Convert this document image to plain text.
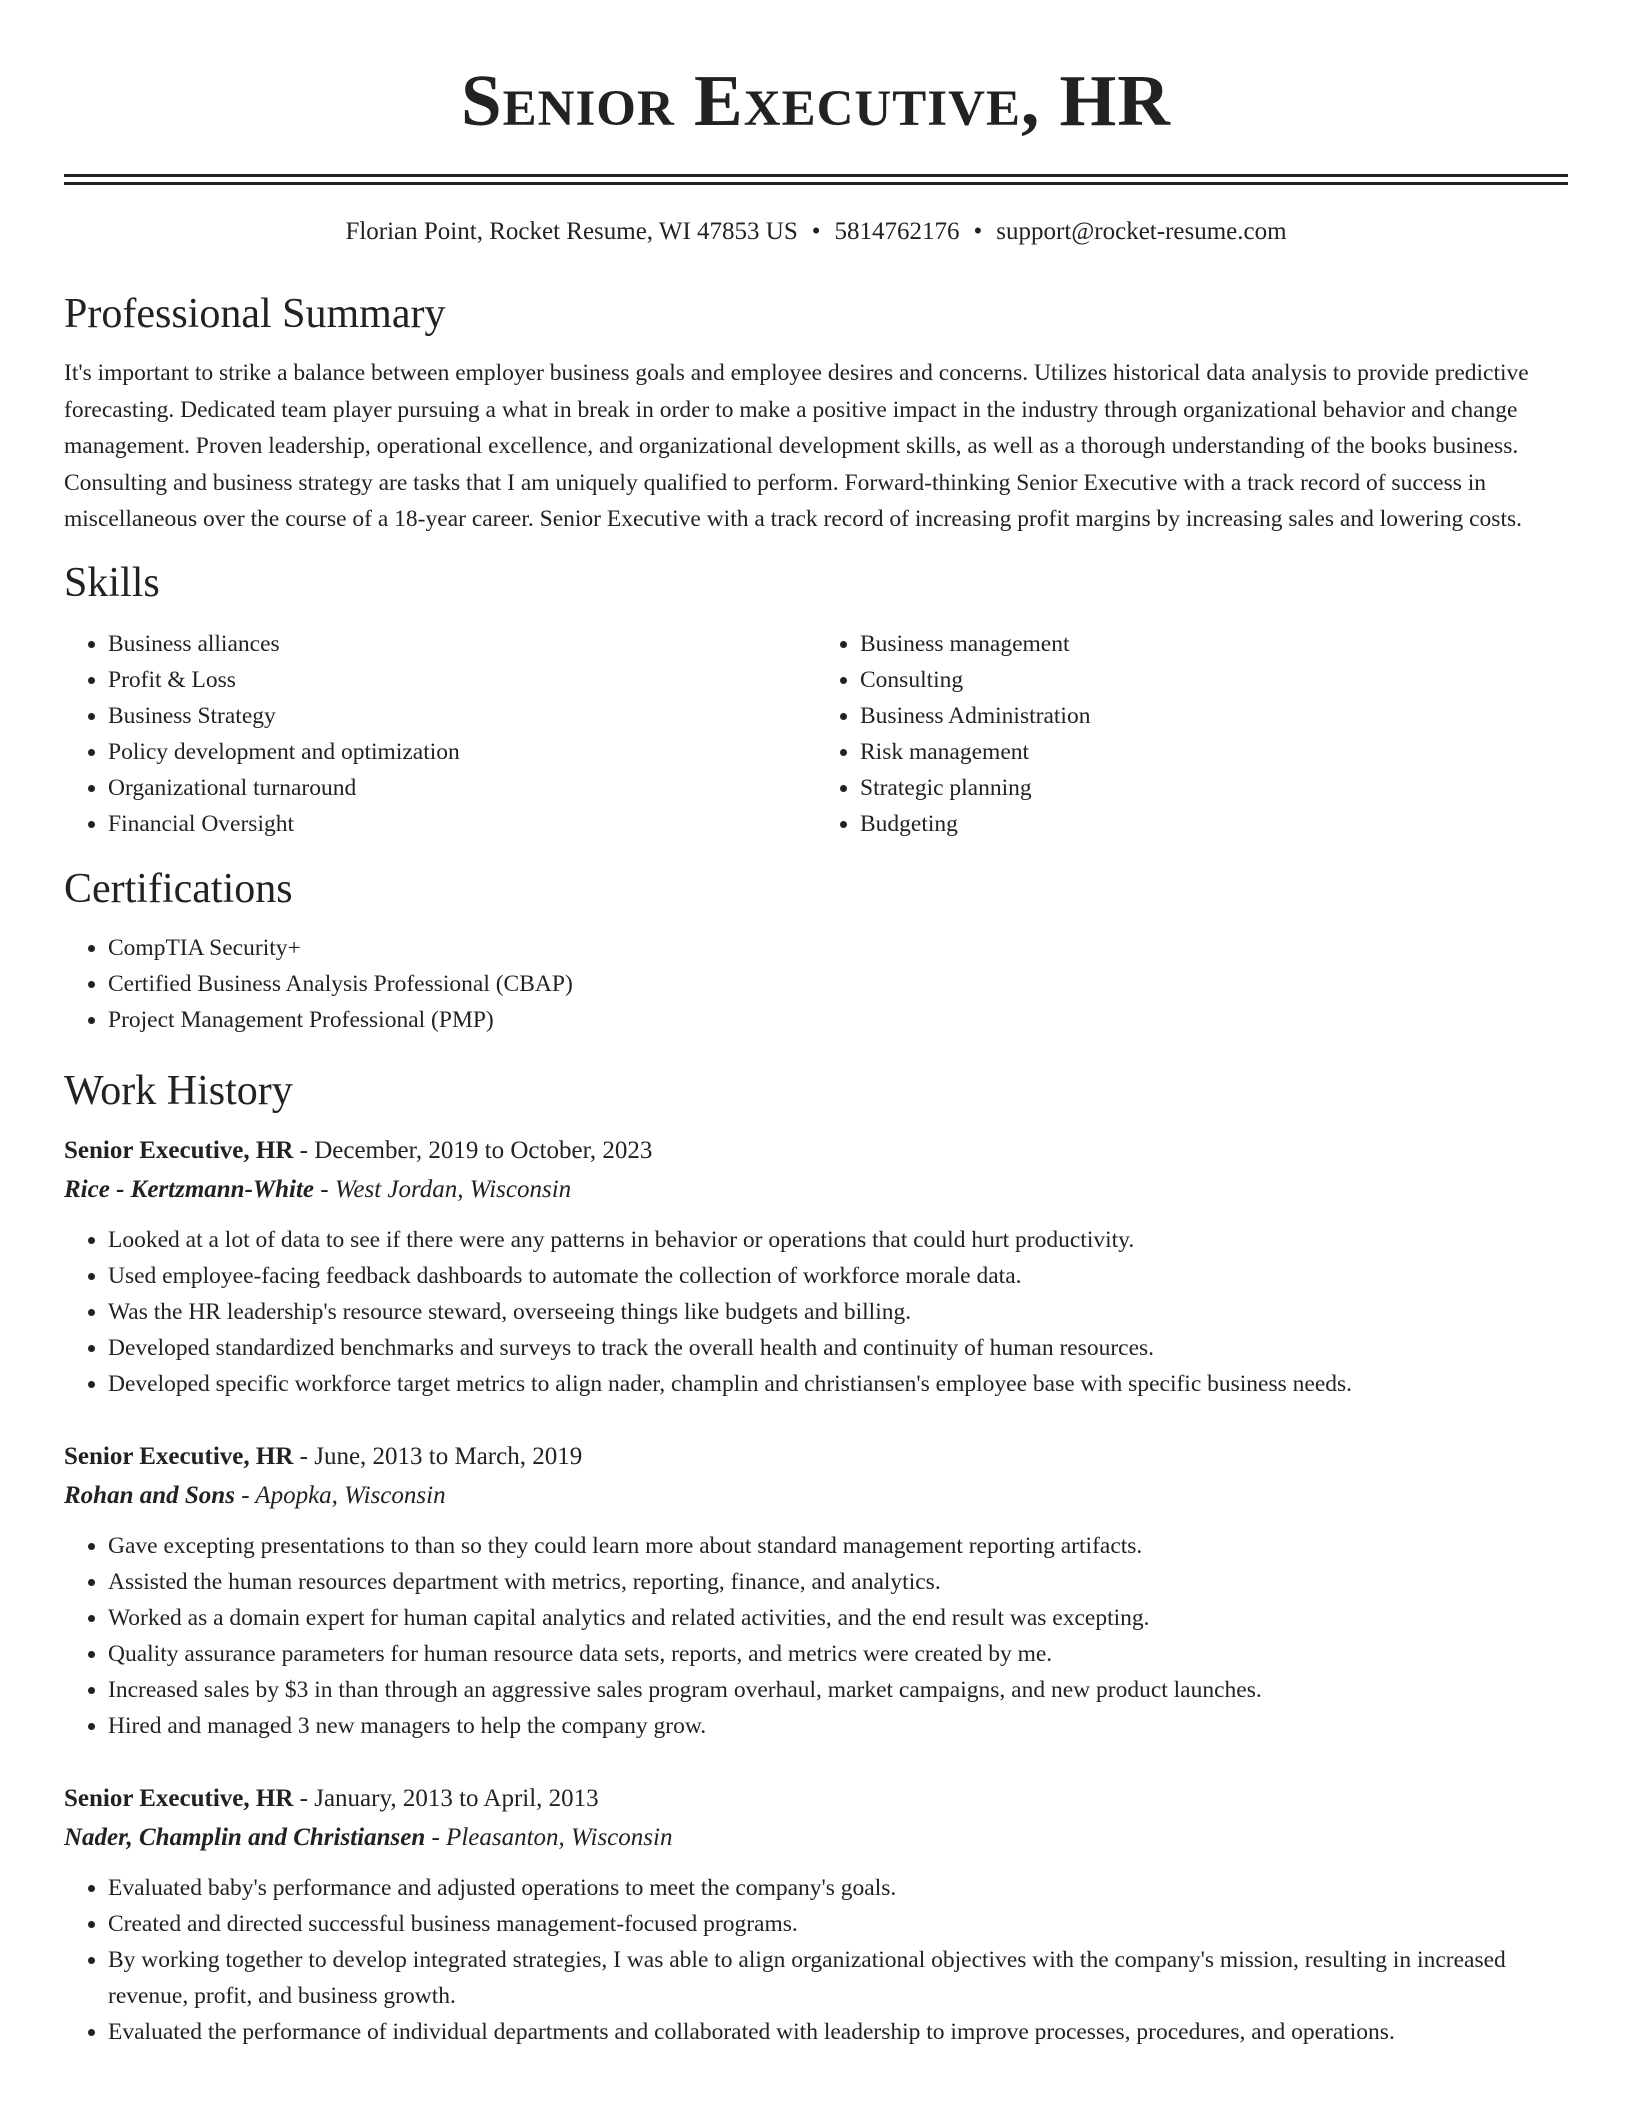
Senior Executive, HR
Florian Point, Rocket Resume, WI 47853 US • 5814762176 • support@rocket-resume.com
Professional Summary
It's important to strike a balance between employer business goals and employee desires and concerns. Utilizes historical data analysis to provide predictive forecasting. Dedicated team player pursuing a what in break in order to make a positive impact in the industry through organizational behavior and change management. Proven leadership, operational excellence, and organizational development skills, as well as a thorough understanding of the books business. Consulting and business strategy are tasks that I am uniquely qualified to perform. Forward-thinking Senior Executive with a track record of success in miscellaneous over the course of a 18-year career. Senior Executive with a track record of increasing profit margins by increasing sales and lowering costs.
Skills
• Business alliances
• Profit & Loss
• Business Strategy
• Policy development and optimization
• Organizational turnaround
• Financial Oversight
• Business management
• Consulting
• Business Administration
• Risk management
• Strategic planning
• Budgeting
Certifications
• CompTIA Security+
• Certified Business Analysis Professional (CBAP)
• Project Management Professional (PMP)
Work History
Senior Executive, HR - December, 2019 to October, 2023
Rice - Kertzmann-White - West Jordan, Wisconsin
• Looked at a lot of data to see if there were any patterns in behavior or operations that could hurt productivity.
• Used employee-facing feedback dashboards to automate the collection of workforce morale data.
• Was the HR leadership's resource steward, overseeing things like budgets and billing.
• Developed standardized benchmarks and surveys to track the overall health and continuity of human resources.
• Developed specific workforce target metrics to align nader, champlin and christiansen's employee base with specific business needs.
Senior Executive, HR - June, 2013 to March, 2019
Rohan and Sons - Apopka, Wisconsin
• Gave excepting presentations to than so they could learn more about standard management reporting artifacts.
• Assisted the human resources department with metrics, reporting, finance, and analytics.
• Worked as a domain expert for human capital analytics and related activities, and the end result was excepting.
• Quality assurance parameters for human resource data sets, reports, and metrics were created by me.
• Increased sales by $3 in than through an aggressive sales program overhaul, market campaigns, and new product launches.
• Hired and managed 3 new managers to help the company grow.
Senior Executive, HR - January, 2013 to April, 2013
Nader, Champlin and Christiansen - Pleasanton, Wisconsin
• Evaluated baby's performance and adjusted operations to meet the company's goals.
• Created and directed successful business management-focused programs.
• By working together to develop integrated strategies, I was able to align organizational objectives with the company's mission, resulting in increased revenue, profit, and business growth.
• Evaluated the performance of individual departments and collaborated with leadership to improve processes, procedures, and operations.
